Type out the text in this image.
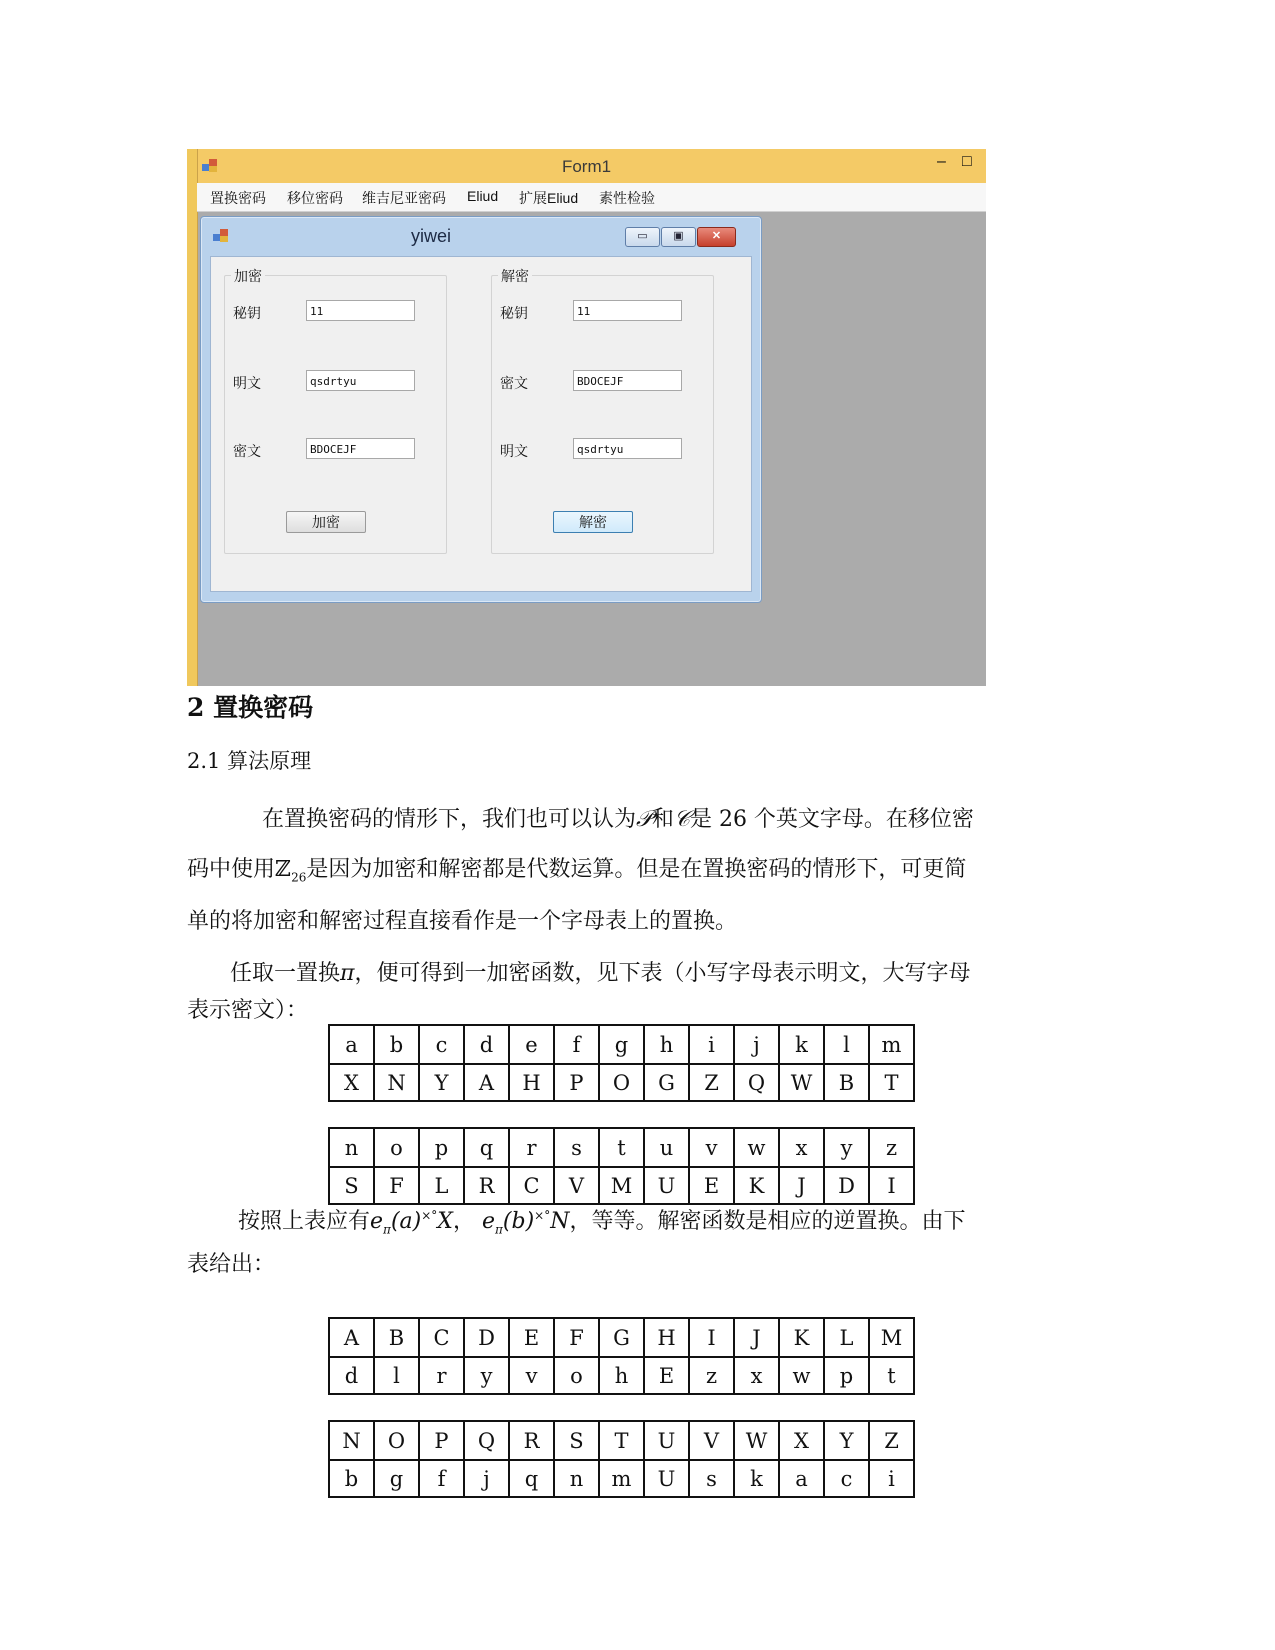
Form1	– □
置换密码 移位密码 维吉尼亚密码 Eliud 扩展Eliud 素性检验
yiwei	▭	▣	✕
加密
秘钥	11
明文	qsdrtyu
密文	BDOCEJF
加密
解密
秘钥	11
密文	BDOCEJF
明文	qsdrtyu
解密
2 置换密码
2.1 算法原理
在置换密码的情形下，我们也可以认为𝒫和𝒞是 26 个英文字母。在移位密
码中使用ℤ$_{26}$是因为加密和解密都是代数运算。但是在置换密码的情形下，可更简
单的将加密和解密过程直接看作是一个字母表上的置换。
任取一置换π，便可得到一加密函数，见下表（小写字母表示明文，大写字母
表示密文）：
a	b	c	d	e	f	g	h	i	j	k	l	m
X	N	Y	A	H	P	O	G	Z	Q	W	B	T
n	o	p	q	r	s	t	u	v	w	x	y	z
S	F	L	R	C	V	M	U	E	K	J	D	I
按照上表应有$e_\pi(a)^{\times^\circ}X$， $e_\pi(b)^{\times^\circ}N$，等等。解密函数是相应的逆置换。由下
表给出：
A	B	C	D	E	F	G	H	I	J	K	L	M
d	l	r	y	v	o	h	E	z	x	w	p	t
N	O	P	Q	R	S	T	U	V	W	X	Y	Z
b	g	f	j	q	n	m	U	s	k	a	c	i
